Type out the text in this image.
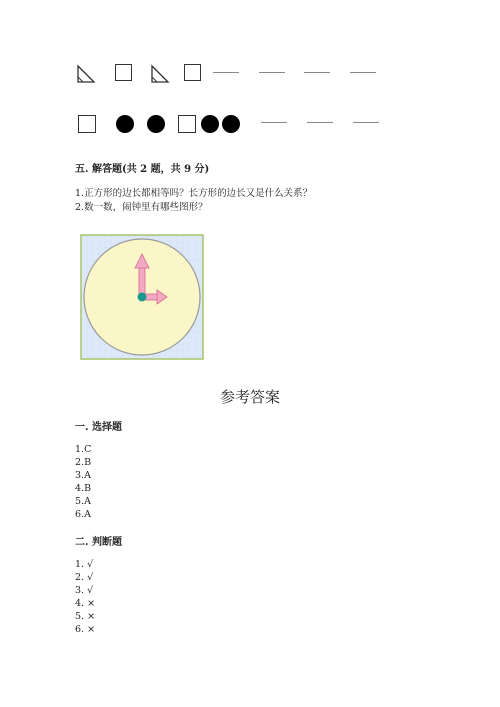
五. 解答题(共 2 题，共 9 分)
1.正方形的边长都相等吗？长方形的边长又是什么关系？
2.数一数，闹钟里有哪些图形？
参考答案
一. 选择题
1.C
2.B
3.A
4.B
5.A
6.A
二. 判断题
1. √
2. √
3. √
4. ×
5. ×
6. ×
